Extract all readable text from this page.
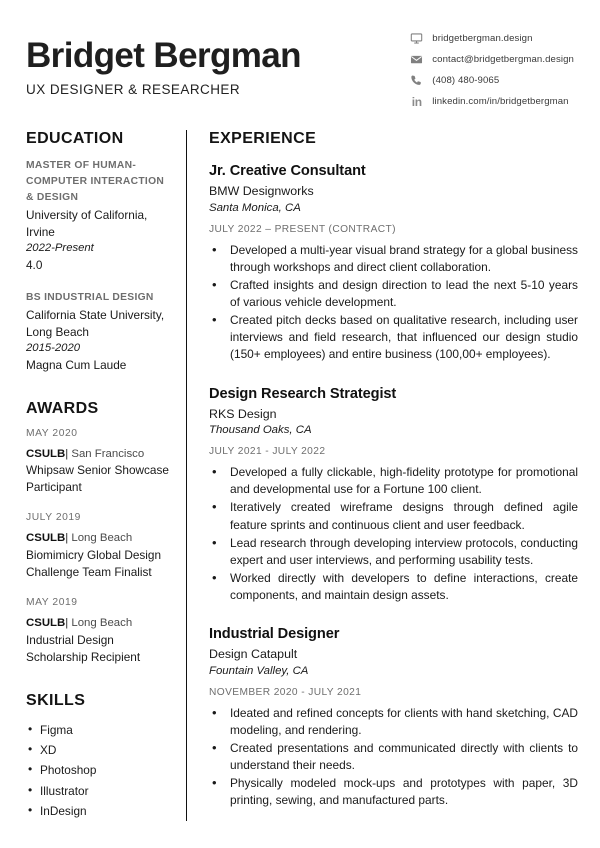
Bridget Bergman
UX DESIGNER & RESEARCHER
bridgetbergman.design
contact@bridgetbergman.design
(408) 480-9065
in linkedin.com/in/bridgetbergman
EDUCATION
MASTER OF HUMAN-COMPUTER INTERACTION & DESIGN
University of California, Irvine
2022-Present
4.0
BS INDUSTRIAL DESIGN
California State University, Long Beach
2015-2020
Magna Cum Laude
AWARDS
MAY 2020
CSULB| San Francisco
Whipsaw Senior Showcase Participant
JULY 2019
CSULB| Long Beach
Biomimicry Global Design Challenge Team Finalist
MAY 2019
CSULB| Long Beach
Industrial Design Scholarship Recipient
SKILLS
• Figma
• XD
• Photoshop
• Illustrator
• InDesign
EXPERIENCE
Jr. Creative Consultant
BMW Designworks
Santa Monica, CA
JULY 2022 – PRESENT (CONTRACT)
• Developed a multi-year visual brand strategy for a global business through workshops and direct client collaboration.
• Crafted insights and design direction to lead the next 5-10 years of various vehicle development.
• Created pitch decks based on qualitative research, including user interviews and field research, that influenced our design studio (150+ employees) and entire business (100,00+ employees).
Design Research Strategist
RKS Design
Thousand Oaks, CA
JULY 2021 - JULY 2022
• Developed a fully clickable, high-fidelity prototype for promotional and developmental use for a Fortune 100 client.
• Iteratively created wireframe designs through defined agile feature sprints and continuous client and user feedback.
• Lead research through developing interview protocols, conducting expert and user interviews, and performing usability tests.
• Worked directly with developers to define interactions, create components, and maintain design assets.
Industrial Designer
Design Catapult
Fountain Valley, CA
NOVEMBER 2020 - JULY 2021
• Ideated and refined concepts for clients with hand sketching, CAD modeling, and rendering.
• Created presentations and communicated directly with clients to understand their needs.
• Physically modeled mock-ups and prototypes with paper, 3D printing, sewing, and manufactured parts.
